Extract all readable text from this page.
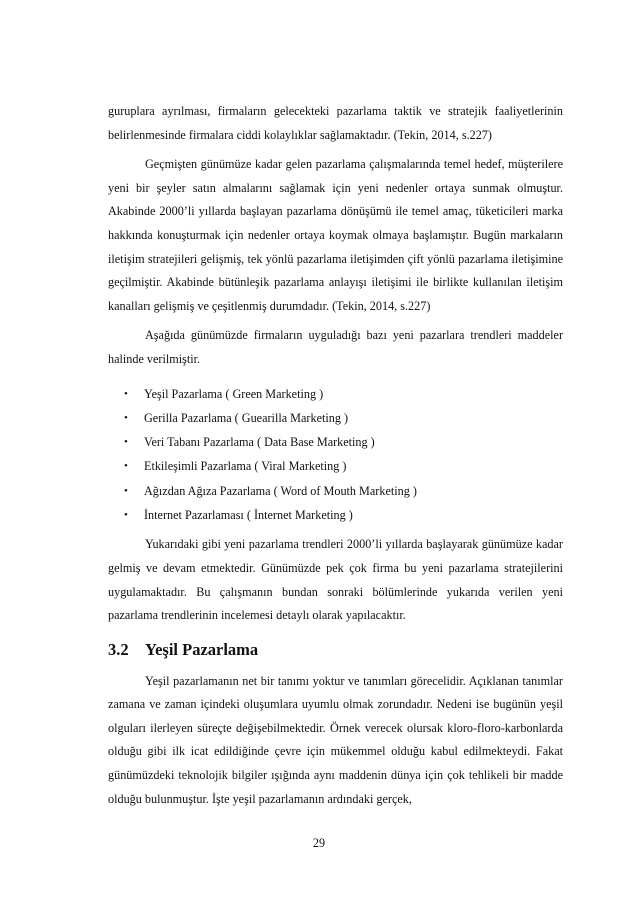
guruplara ayrılması, firmaların gelecekteki pazarlama taktik ve stratejik faaliyetlerinin belirlenmesinde firmalara ciddi kolaylıklar sağlamaktadır. (Tekin, 2014, s.227)

Geçmişten günümüze kadar gelen pazarlama çalışmalarında temel hedef, müşterilere yeni bir şeyler satın almalarını sağlamak için yeni nedenler ortaya sunmak olmuştur. Akabinde 2000’li yıllarda başlayan pazarlama dönüşümü ile temel amaç, tüketicileri marka hakkında konuşturmak için nedenler ortaya koymak olmaya başlamıştır. Bugün markaların iletişim stratejileri gelişmiş, tek yönlü pazarlama iletişimden çift yönlü pazarlama iletişimine geçilmiştir. Akabinde bütünleşik pazarlama anlayışı iletişimi ile birlikte kullanılan iletişim kanalları gelişmiş ve çeşitlenmiş durumdadır. (Tekin, 2014, s.227)

Aşağıda günümüzde firmaların uyguladığı bazı yeni pazarlara trendleri maddeler halinde verilmiştir.

• Yeşil Pazarlama ( Green Marketing )
• Gerilla Pazarlama ( Guearilla Marketing )
• Veri Tabanı Pazarlama ( Data Base Marketing )
• Etkileşimli Pazarlama ( Viral Marketing )
• Ağızdan Ağıza Pazarlama ( Word of Mouth Marketing )
• İnternet Pazarlaması ( İnternet Marketing )

Yukarıdaki gibi yeni pazarlama trendleri 2000’li yıllarda başlayarak günümüze kadar gelmiş ve devam etmektedir. Günümüzde pek çok firma bu yeni pazarlama stratejilerini uygulamaktadır. Bu çalışmanın bundan sonraki bölümlerinde yukarıda verilen yeni pazarlama trendlerinin incelemesi detaylı olarak yapılacaktır.

3.2 Yeşil Pazarlama

Yeşil pazarlamanın net bir tanımı yoktur ve tanımları görecelidir. Açıklanan tanımlar zamana ve zaman içindeki oluşumlara uyumlu olmak zorundadır. Nedeni ise bugünün yeşil olguları ilerleyen süreçte değişebilmektedir. Örnek verecek olursak kloro-floro-karbonlarda olduğu gibi ilk icat edildiğinde çevre için mükemmel olduğu kabul edilmekteydi. Fakat günümüzdeki teknolojik bilgiler ışığında aynı maddenin dünya için çok tehlikeli bir madde olduğu bulunmuştur. İşte yeşil pazarlamanın ardındaki gerçek,

29
